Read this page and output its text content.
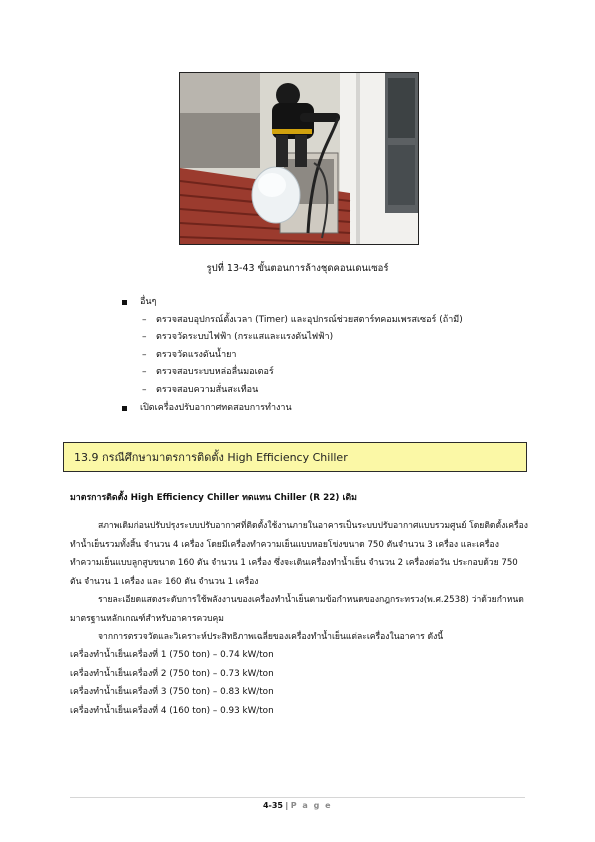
รูปที่ 13-43 ขั้นตอนการล้างชุดคอนเดนเซอร์
อื่นๆ
– ตรวจสอบอุปกรณ์ตั้งเวลา (Timer) และอุปกรณ์ช่วยสตาร์ทคอมเพรสเซอร์ (ถ้ามี)
– ตรวจวัดระบบไฟฟ้า (กระแสและแรงดันไฟฟ้า)
– ตรวจวัดแรงดันน้ำยา
– ตรวจสอบระบบหล่อลื่นมอเตอร์
– ตรวจสอบความสั่นสะเทือน
เปิดเครื่องปรับอากาศทดสอบการทำงาน
13.9 กรณีศึกษามาตรการติดตั้ง High Efficiency Chiller
มาตรการติดตั้ง High Efficiency Chiller ทดแทน Chiller (R 22) เดิม
สภาพเดิมก่อนปรับปรุงระบบปรับอากาศที่ติดตั้งใช้งานภายในอาคารเป็นระบบปรับอากาศแบบรวมศูนย์ โดยติดตั้งเครื่องทำน้ำเย็นรวมทั้งสิ้น จำนวน 4 เครื่อง โดยมีเครื่องทำความเย็นแบบหอยโข่งขนาด 750 ตันจำนวน 3 เครื่อง และเครื่องทำความเย็นแบบลูกสูบขนาด 160 ตัน จำนวน 1 เครื่อง ซึ่งจะเดินเครื่องทำน้ำเย็น จำนวน 2 เครื่องต่อวัน ประกอบด้วย 750 ตัน จำนวน 1 เครื่อง และ 160 ตัน จำนวน 1 เครื่อง
รายละเอียดแสดงระดับการใช้พลังงานของเครื่องทำน้ำเย็นตามข้อกำหนดของกฎกระทรวง(พ.ศ.2538) ว่าด้วยกำหนดมาตรฐานหลักเกณฑ์สำหรับอาคารควบคุม
จากการตรวจวัดและวิเคราะห์ประสิทธิภาพเฉลี่ยของเครื่องทำน้ำเย็นแต่ละเครื่องในอาคาร ดังนี้
เครื่องทำน้ำเย็นเครื่องที่ 1 (750 ton) – 0.74 kW/ton
เครื่องทำน้ำเย็นเครื่องที่ 2 (750 ton) – 0.73 kW/ton
เครื่องทำน้ำเย็นเครื่องที่ 3 (750 ton) – 0.83 kW/ton
เครื่องทำน้ำเย็นเครื่องที่ 4 (160 ton) – 0.93 kW/ton
4-35 | P a g e
